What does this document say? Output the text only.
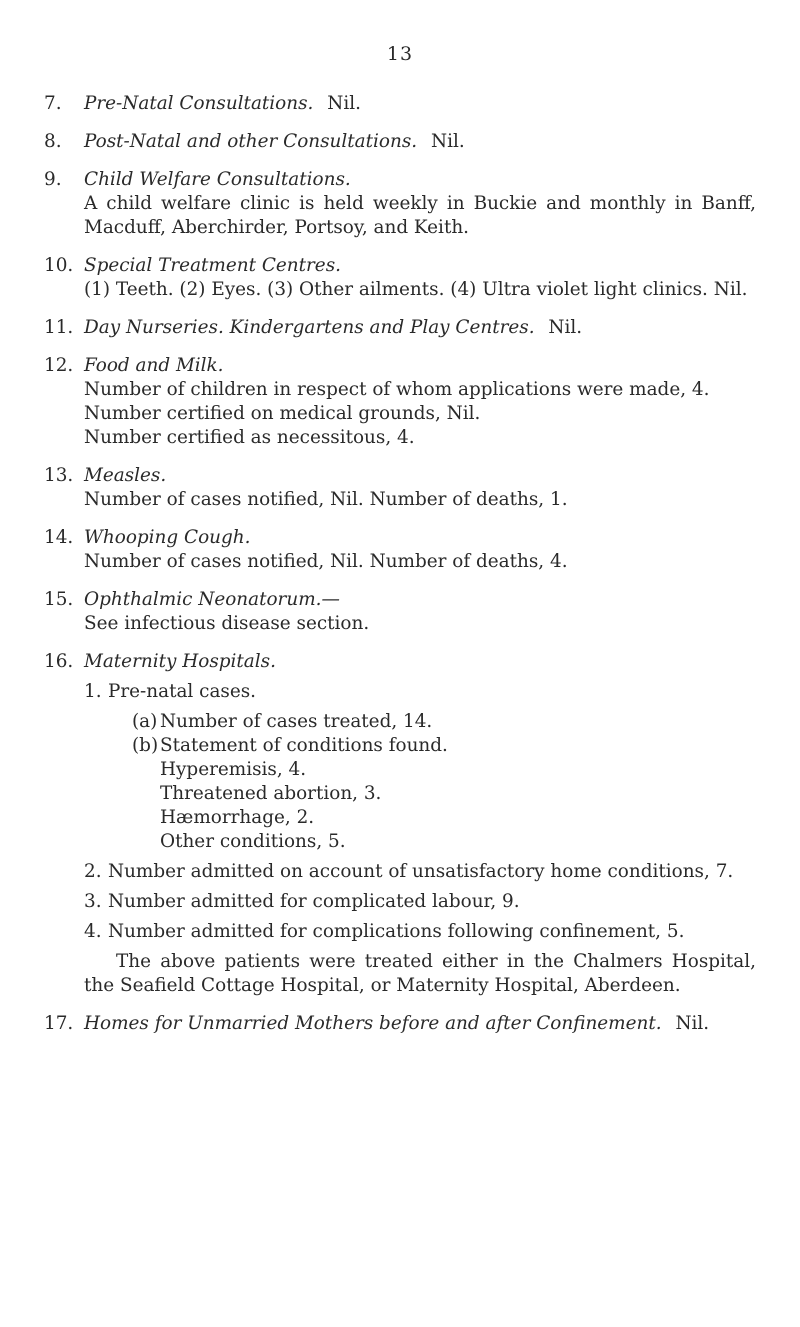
13
7.	Pre-Natal Consultations. Nil.
8.	Post-Natal and other Consultations. Nil.
9.	Child Welfare Consultations.
A child welfare clinic is held weekly in Buckie and monthly in Banff, Macduff, Aberchirder, Portsoy, and Keith.
10. Special Treatment Centres.
(1) Teeth. (2) Eyes. (3) Other ailments. (4) Ultra violet light clinics. Nil.
11. Day Nurseries. Kindergartens and Play Centres. Nil.
12. Food and Milk.
Number of children in respect of whom applications were made, 4.
Number certified on medical grounds, Nil.
Number certified as necessitous, 4.
13. Measles.
Number of cases notified, Nil. Number of deaths, 1.
14. Whooping Cough.
Number of cases notified, Nil. Number of deaths, 4.
15. Ophthalmic Neonatorum.—
See infectious disease section.
16. Maternity Hospitals.
1. Pre-natal cases.
(a) Number of cases treated, 14.
(b) Statement of conditions found.
Hyperemisis, 4.
Threatened abortion, 3.
Hæmorrhage, 2.
Other conditions, 5.
2. Number admitted on account of unsatisfactory home conditions, 7.
3. Number admitted for complicated labour, 9.
4. Number admitted for complications following confinement, 5.
The above patients were treated either in the Chalmers Hospital, the Seafield Cottage Hospital, or Maternity Hospital, Aberdeen.
17. Homes for Unmarried Mothers before and after Confinement. Nil.
